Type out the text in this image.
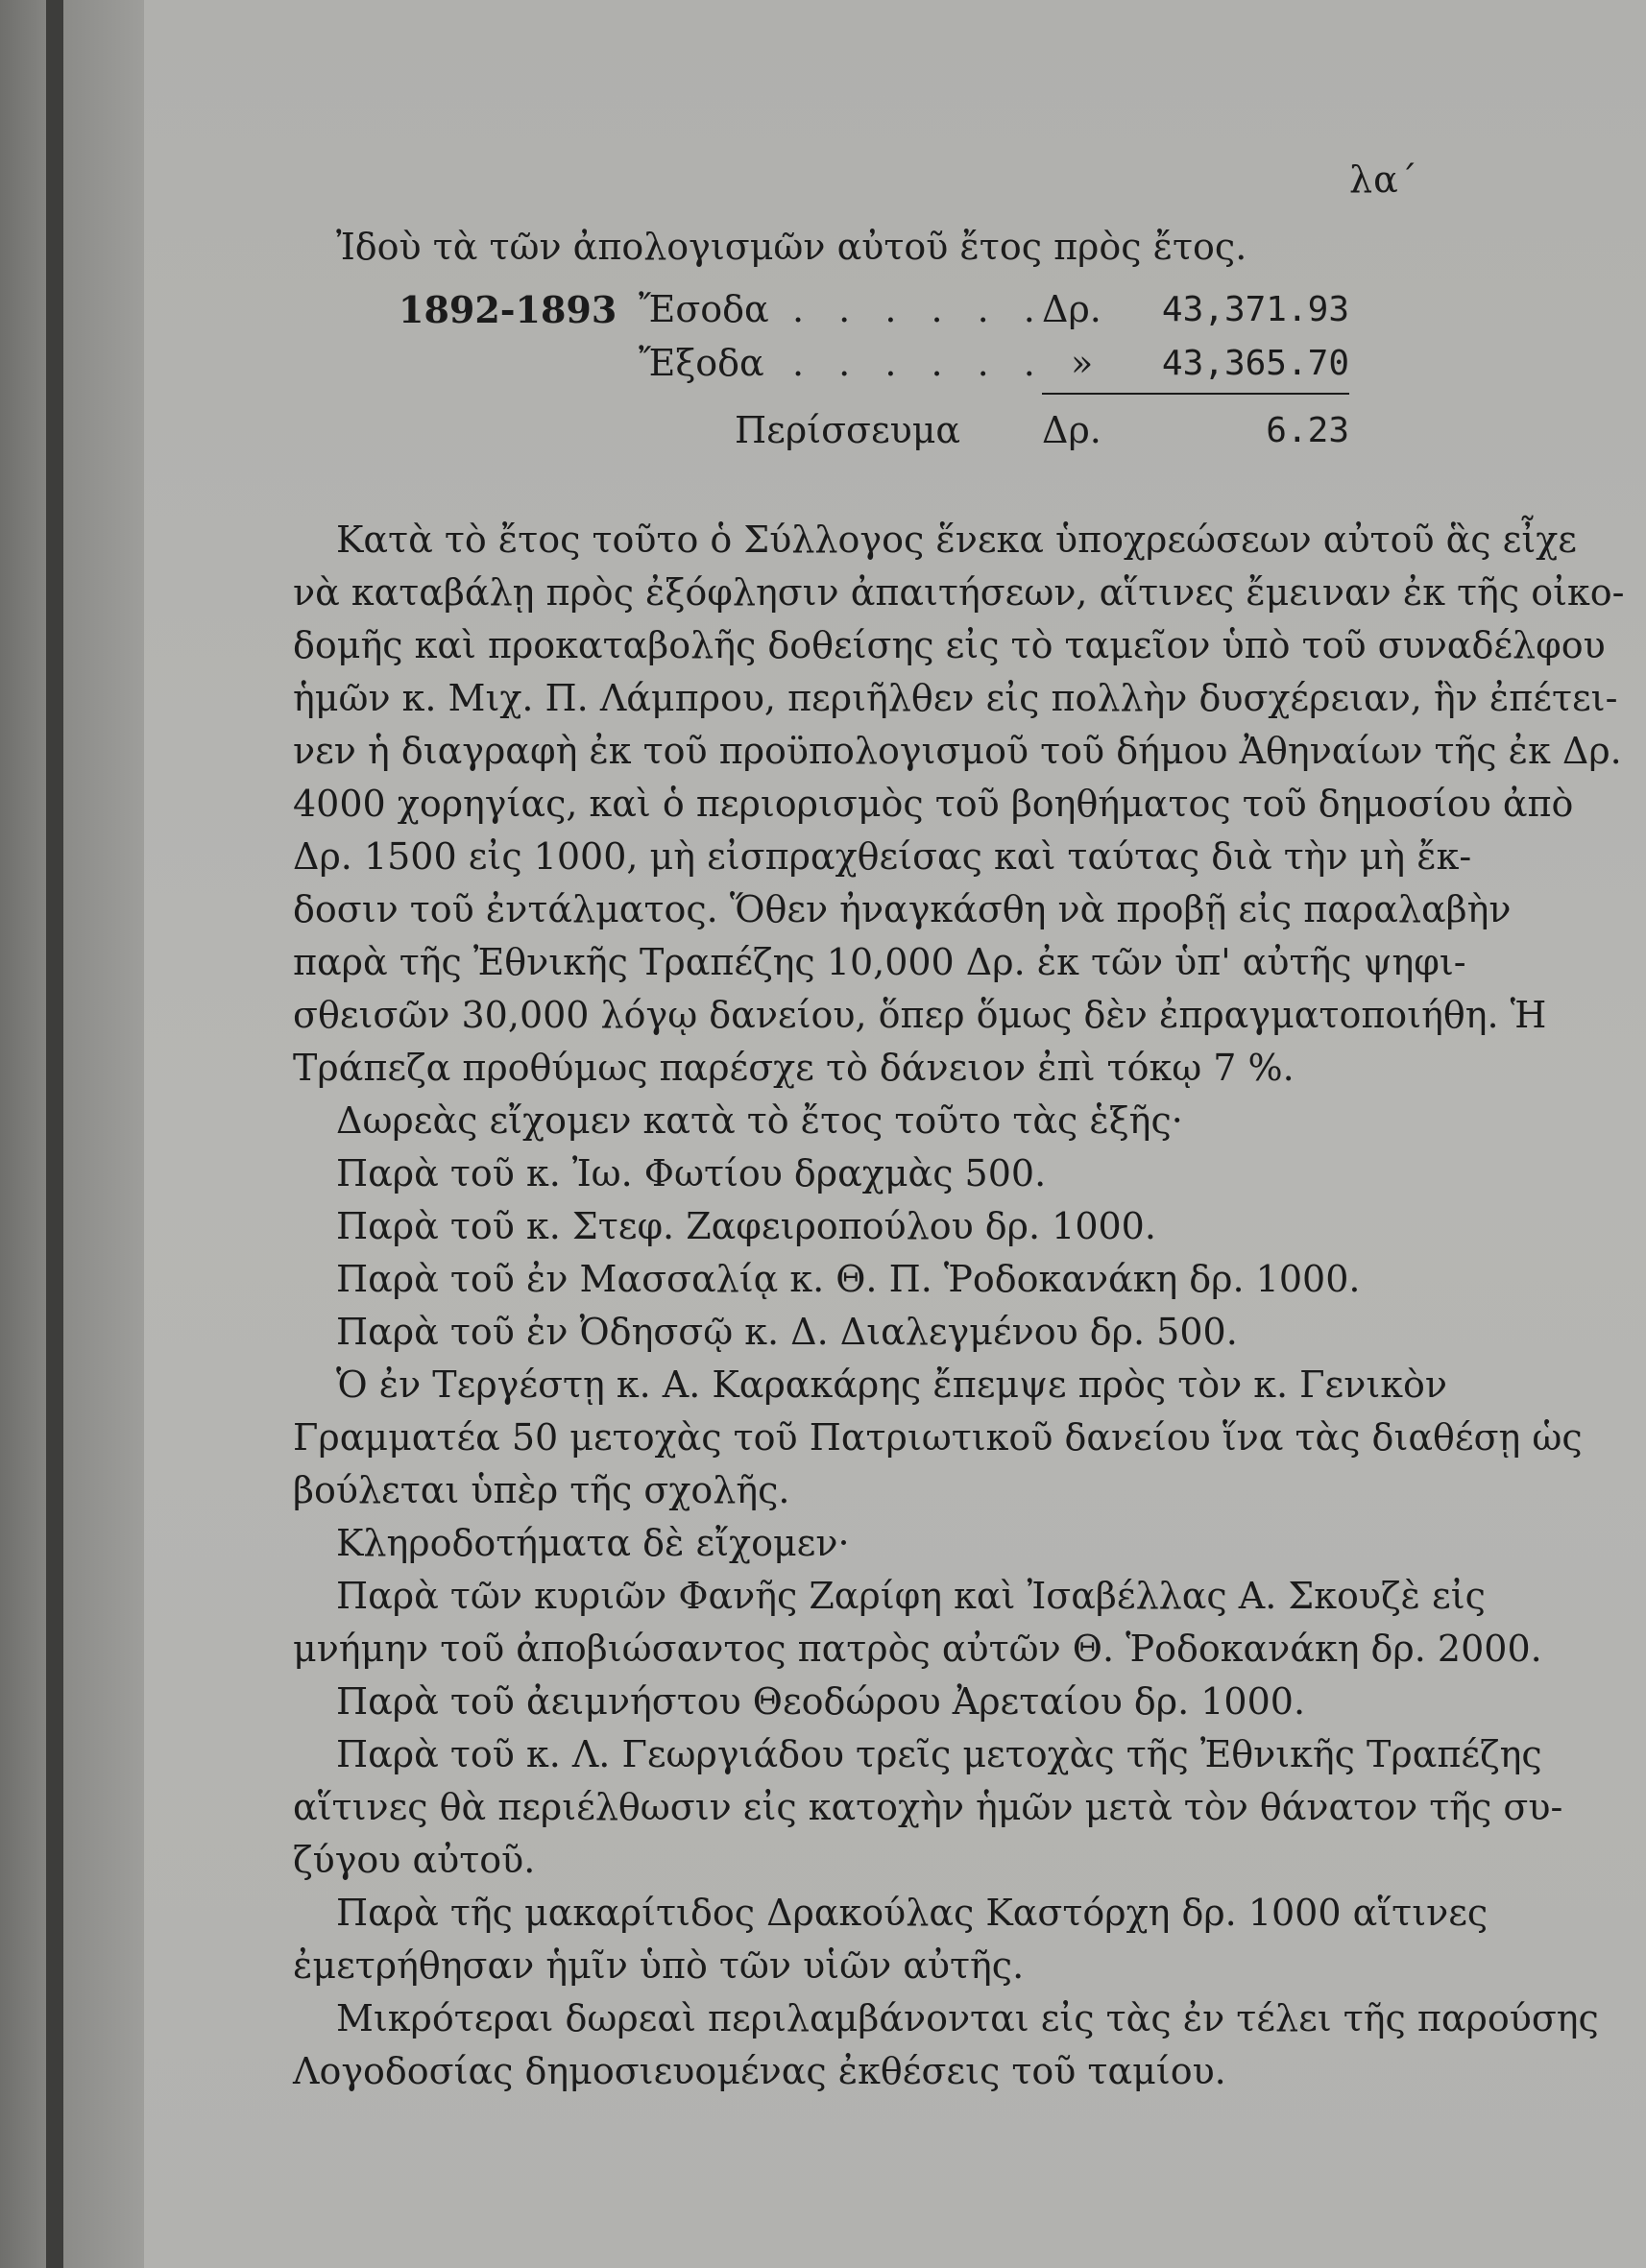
λα΄
Ἰδοὺ τὰ τῶν ἀπολογισμῶν αὐτοῦ ἔτος πρὸς ἔτος.
1892-1893 Ἔσοδα . . . . . .
Δρ. 43,371.93
Ἔξοδα . . . . . . » 43,365.70
Περίσσευμα Δρ.	6.23
Κατὰ τὸ ἔτος τοῦτο ὁ Σύλλογος ἕνεκα ὑποχρεώσεων αὐτοῦ ἃς εἶχε
νὰ καταβάλῃ πρὸς ἐξόφλησιν ἀπαιτήσεων, αἵτινες ἔμειναν ἐκ τῆς οἰκο-
δομῆς καὶ προκαταβολῆς δοθείσης εἰς τὸ ταμεῖον ὑπὸ τοῦ συναδέλφου
ἡμῶν κ. Μιχ. Π. Λάμπρου, περιῆλθεν εἰς πολλὴν δυσχέρειαν, ἣν ἐπέτει-
νεν ἡ διαγραφὴ ἐκ τοῦ προϋπολογισμοῦ τοῦ δήμου Ἀθηναίων τῆς ἐκ Δρ.
4000 χορηγίας, καὶ ὁ περιορισμὸς τοῦ βοηθήματος τοῦ δημοσίου ἀπὸ
Δρ. 1500 εἰς 1000, μὴ εἰσπραχθείσας καὶ ταύτας διὰ τὴν μὴ ἔκ-
δοσιν τοῦ ἐντάλματος. Ὅθεν ἠναγκάσθη νὰ προβῇ εἰς παραλαβὴν
παρὰ τῆς Ἐθνικῆς Τραπέζης 10,000 Δρ. ἐκ τῶν ὑπ' αὐτῆς ψηφι-
σθεισῶν 30,000 λόγῳ δανείου, ὅπερ ὅμως δὲν ἐπραγματοποιήθη. Ἡ
Τράπεζα προθύμως παρέσχε τὸ δάνειον ἐπὶ τόκῳ 7 %.
Δωρεὰς εἴχομεν κατὰ τὸ ἔτος τοῦτο τὰς ἑξῆς·
Παρὰ τοῦ κ. Ἰω. Φωτίου δραχμὰς 500.
Παρὰ τοῦ κ. Στεφ. Ζαφειροπούλου δρ. 1000.
Παρὰ τοῦ ἐν Μασσαλίᾳ κ. Θ. Π. Ῥοδοκανάκη δρ. 1000.
Παρὰ τοῦ ἐν Ὀδησσῷ κ. Δ. Διαλεγμένου δρ. 500.
Ὁ ἐν Τεργέστῃ κ. Α. Καρακάρης ἔπεμψε πρὸς τὸν κ. Γενικὸν
Γραμματέα 50 μετοχὰς τοῦ Πατριωτικοῦ δανείου ἵνα τὰς διαθέσῃ ὡς
βούλεται ὑπὲρ τῆς σχολῆς.
Κληροδοτήματα δὲ εἴχομεν·
Παρὰ τῶν κυριῶν Φανῆς Ζαρίφη καὶ Ἰσαβέλλας Α. Σκουζὲ εἰς
μνήμην τοῦ ἀποβιώσαντος πατρὸς αὐτῶν Θ. Ῥοδοκανάκη δρ. 2000.
Παρὰ τοῦ ἀειμνήστου Θεοδώρου Ἀρεταίου δρ. 1000.
Παρὰ τοῦ κ. Λ. Γεωργιάδου τρεῖς μετοχὰς τῆς Ἐθνικῆς Τραπέζης
αἵτινες θὰ περιέλθωσιν εἰς κατοχὴν ἡμῶν μετὰ τὸν θάνατον τῆς συ-
ζύγου αὐτοῦ.
Παρὰ τῆς μακαρίτιδος Δρακούλας Καστόρχη δρ. 1000 αἵτινες
ἐμετρήθησαν ἡμῖν ὑπὸ τῶν υἱῶν αὐτῆς.
Μικρότεραι δωρεαὶ περιλαμβάνονται εἰς τὰς ἐν τέλει τῆς παρούσης
Λογοδοσίας δημοσιευομένας ἐκθέσεις τοῦ ταμίου.
